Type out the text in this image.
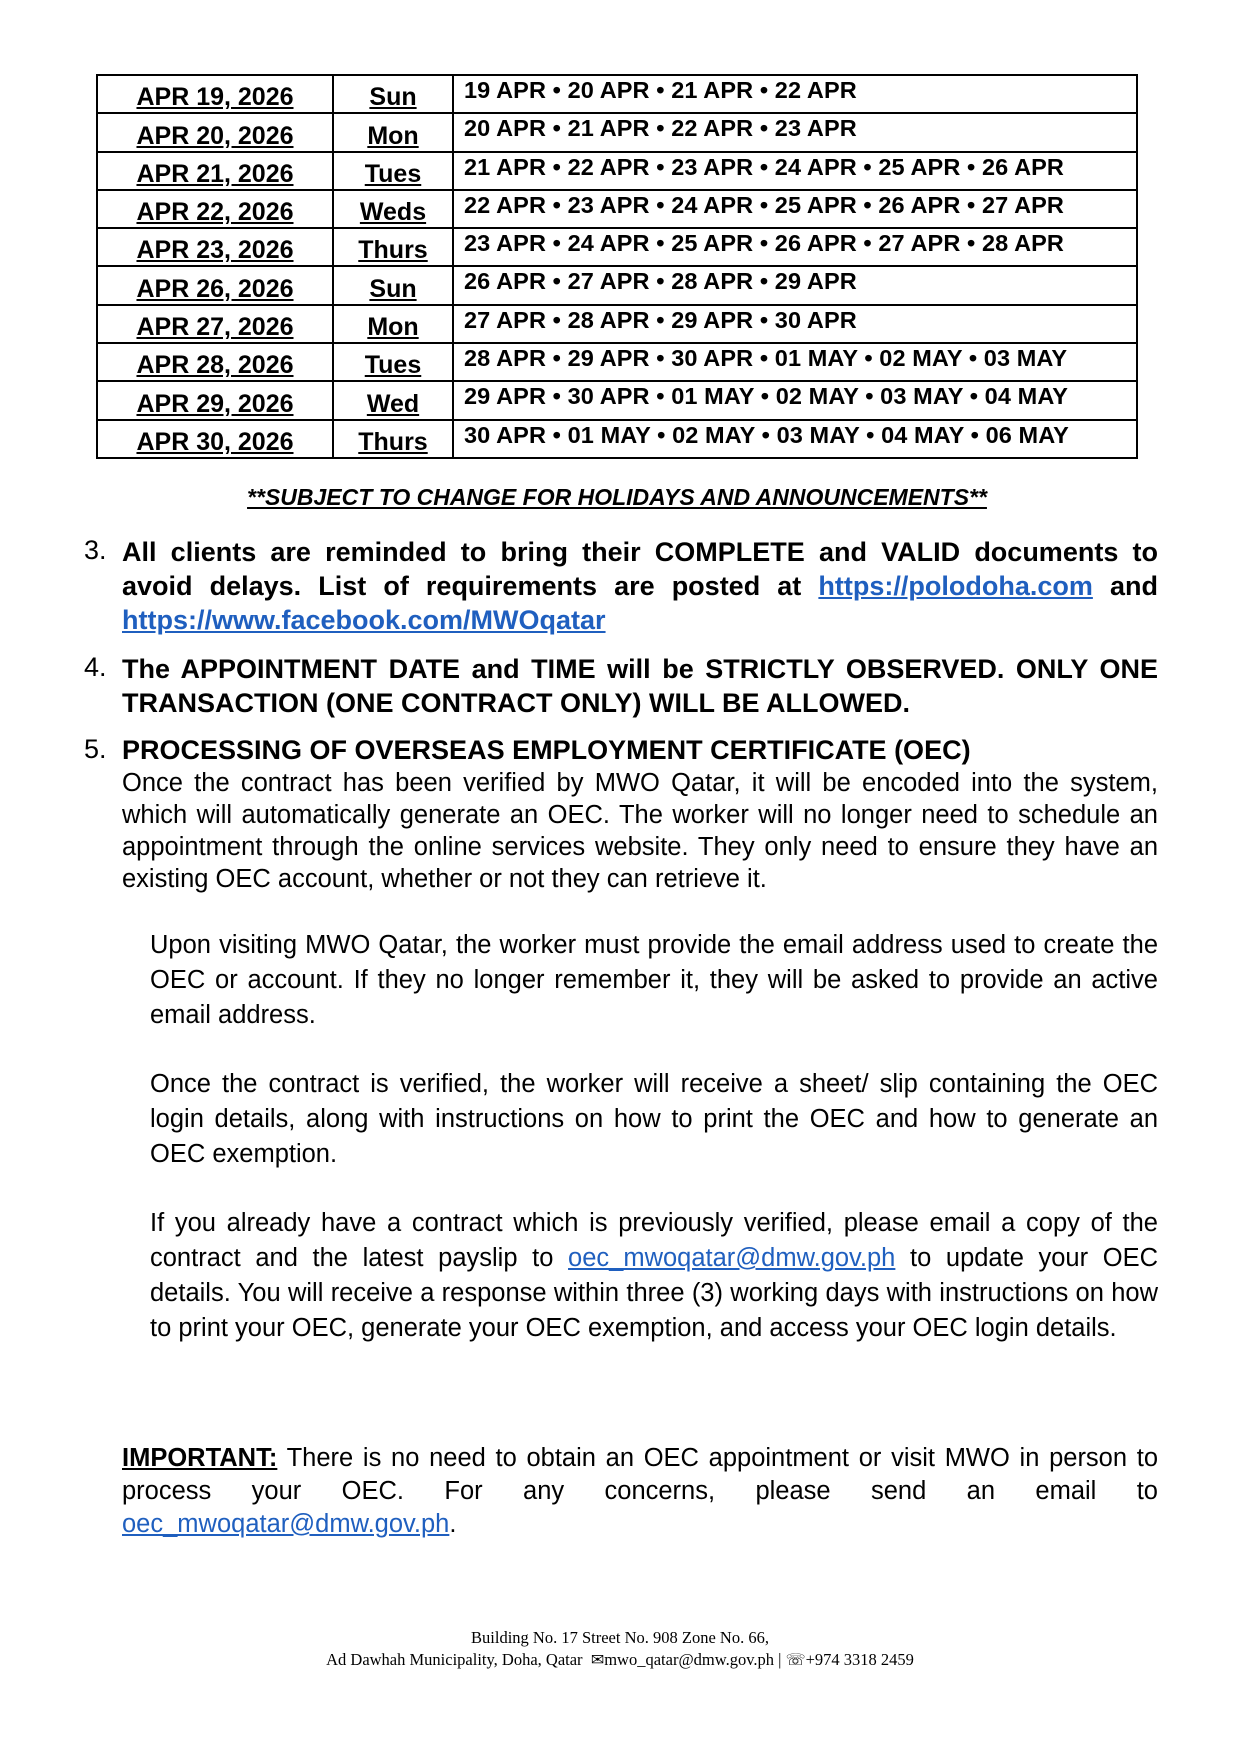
APR 19, 2026	Sun	19 APR • 20 APR • 21 APR • 22 APR
APR 20, 2026	Mon	20 APR • 21 APR • 22 APR • 23 APR
APR 21, 2026	Tues	21 APR • 22 APR • 23 APR • 24 APR • 25 APR • 26 APR
APR 22, 2026	Weds	22 APR • 23 APR • 24 APR • 25 APR • 26 APR • 27 APR
APR 23, 2026	Thurs	23 APR • 24 APR • 25 APR • 26 APR • 27 APR • 28 APR
APR 26, 2026	Sun	26 APR • 27 APR • 28 APR • 29 APR
APR 27, 2026	Mon	27 APR • 28 APR • 29 APR • 30 APR
APR 28, 2026	Tues	28 APR • 29 APR • 30 APR • 01 MAY • 02 MAY • 03 MAY
APR 29, 2026	Wed	29 APR • 30 APR • 01 MAY • 02 MAY • 03 MAY • 04 MAY
APR 30, 2026	Thurs	30 APR • 01 MAY • 02 MAY • 03 MAY • 04 MAY • 06 MAY
**SUBJECT TO CHANGE FOR HOLIDAYS AND ANNOUNCEMENTS**
3. All clients are reminded to bring their COMPLETE and VALID documents to avoid delays. List of requirements are posted at https://polodoha.com and https://www.facebook.com/MWOqatar
4. The APPOINTMENT DATE and TIME will be STRICTLY OBSERVED. ONLY ONE TRANSACTION (ONE CONTRACT ONLY) WILL BE ALLOWED.
5. PROCESSING OF OVERSEAS EMPLOYMENT CERTIFICATE (OEC)
Once the contract has been verified by MWO Qatar, it will be encoded into the system, which will automatically generate an OEC. The worker will no longer need to schedule an appointment through the online services website. They only need to ensure they have an existing OEC account, whether or not they can retrieve it.
Upon visiting MWO Qatar, the worker must provide the email address used to create the OEC or account. If they no longer remember it, they will be asked to provide an active email address.
Once the contract is verified, the worker will receive a sheet/ slip containing the OEC login details, along with instructions on how to print the OEC and how to generate an OEC exemption.
If you already have a contract which is previously verified, please email a copy of the contract and the latest payslip to oec_mwoqatar@dmw.gov.ph to update your OEC details. You will receive a response within three (3) working days with instructions on how to print your OEC, generate your OEC exemption, and access your OEC login details.
IMPORTANT: There is no need to obtain an OEC appointment or visit MWO in person to process your OEC. For any concerns, please send an email to oec_mwoqatar@dmw.gov.ph.
Building No. 17 Street No. 908 Zone No. 66,
Ad Dawhah Municipality, Doha, Qatar ✉mwo_qatar@dmw.gov.ph | ☏+974 3318 2459
